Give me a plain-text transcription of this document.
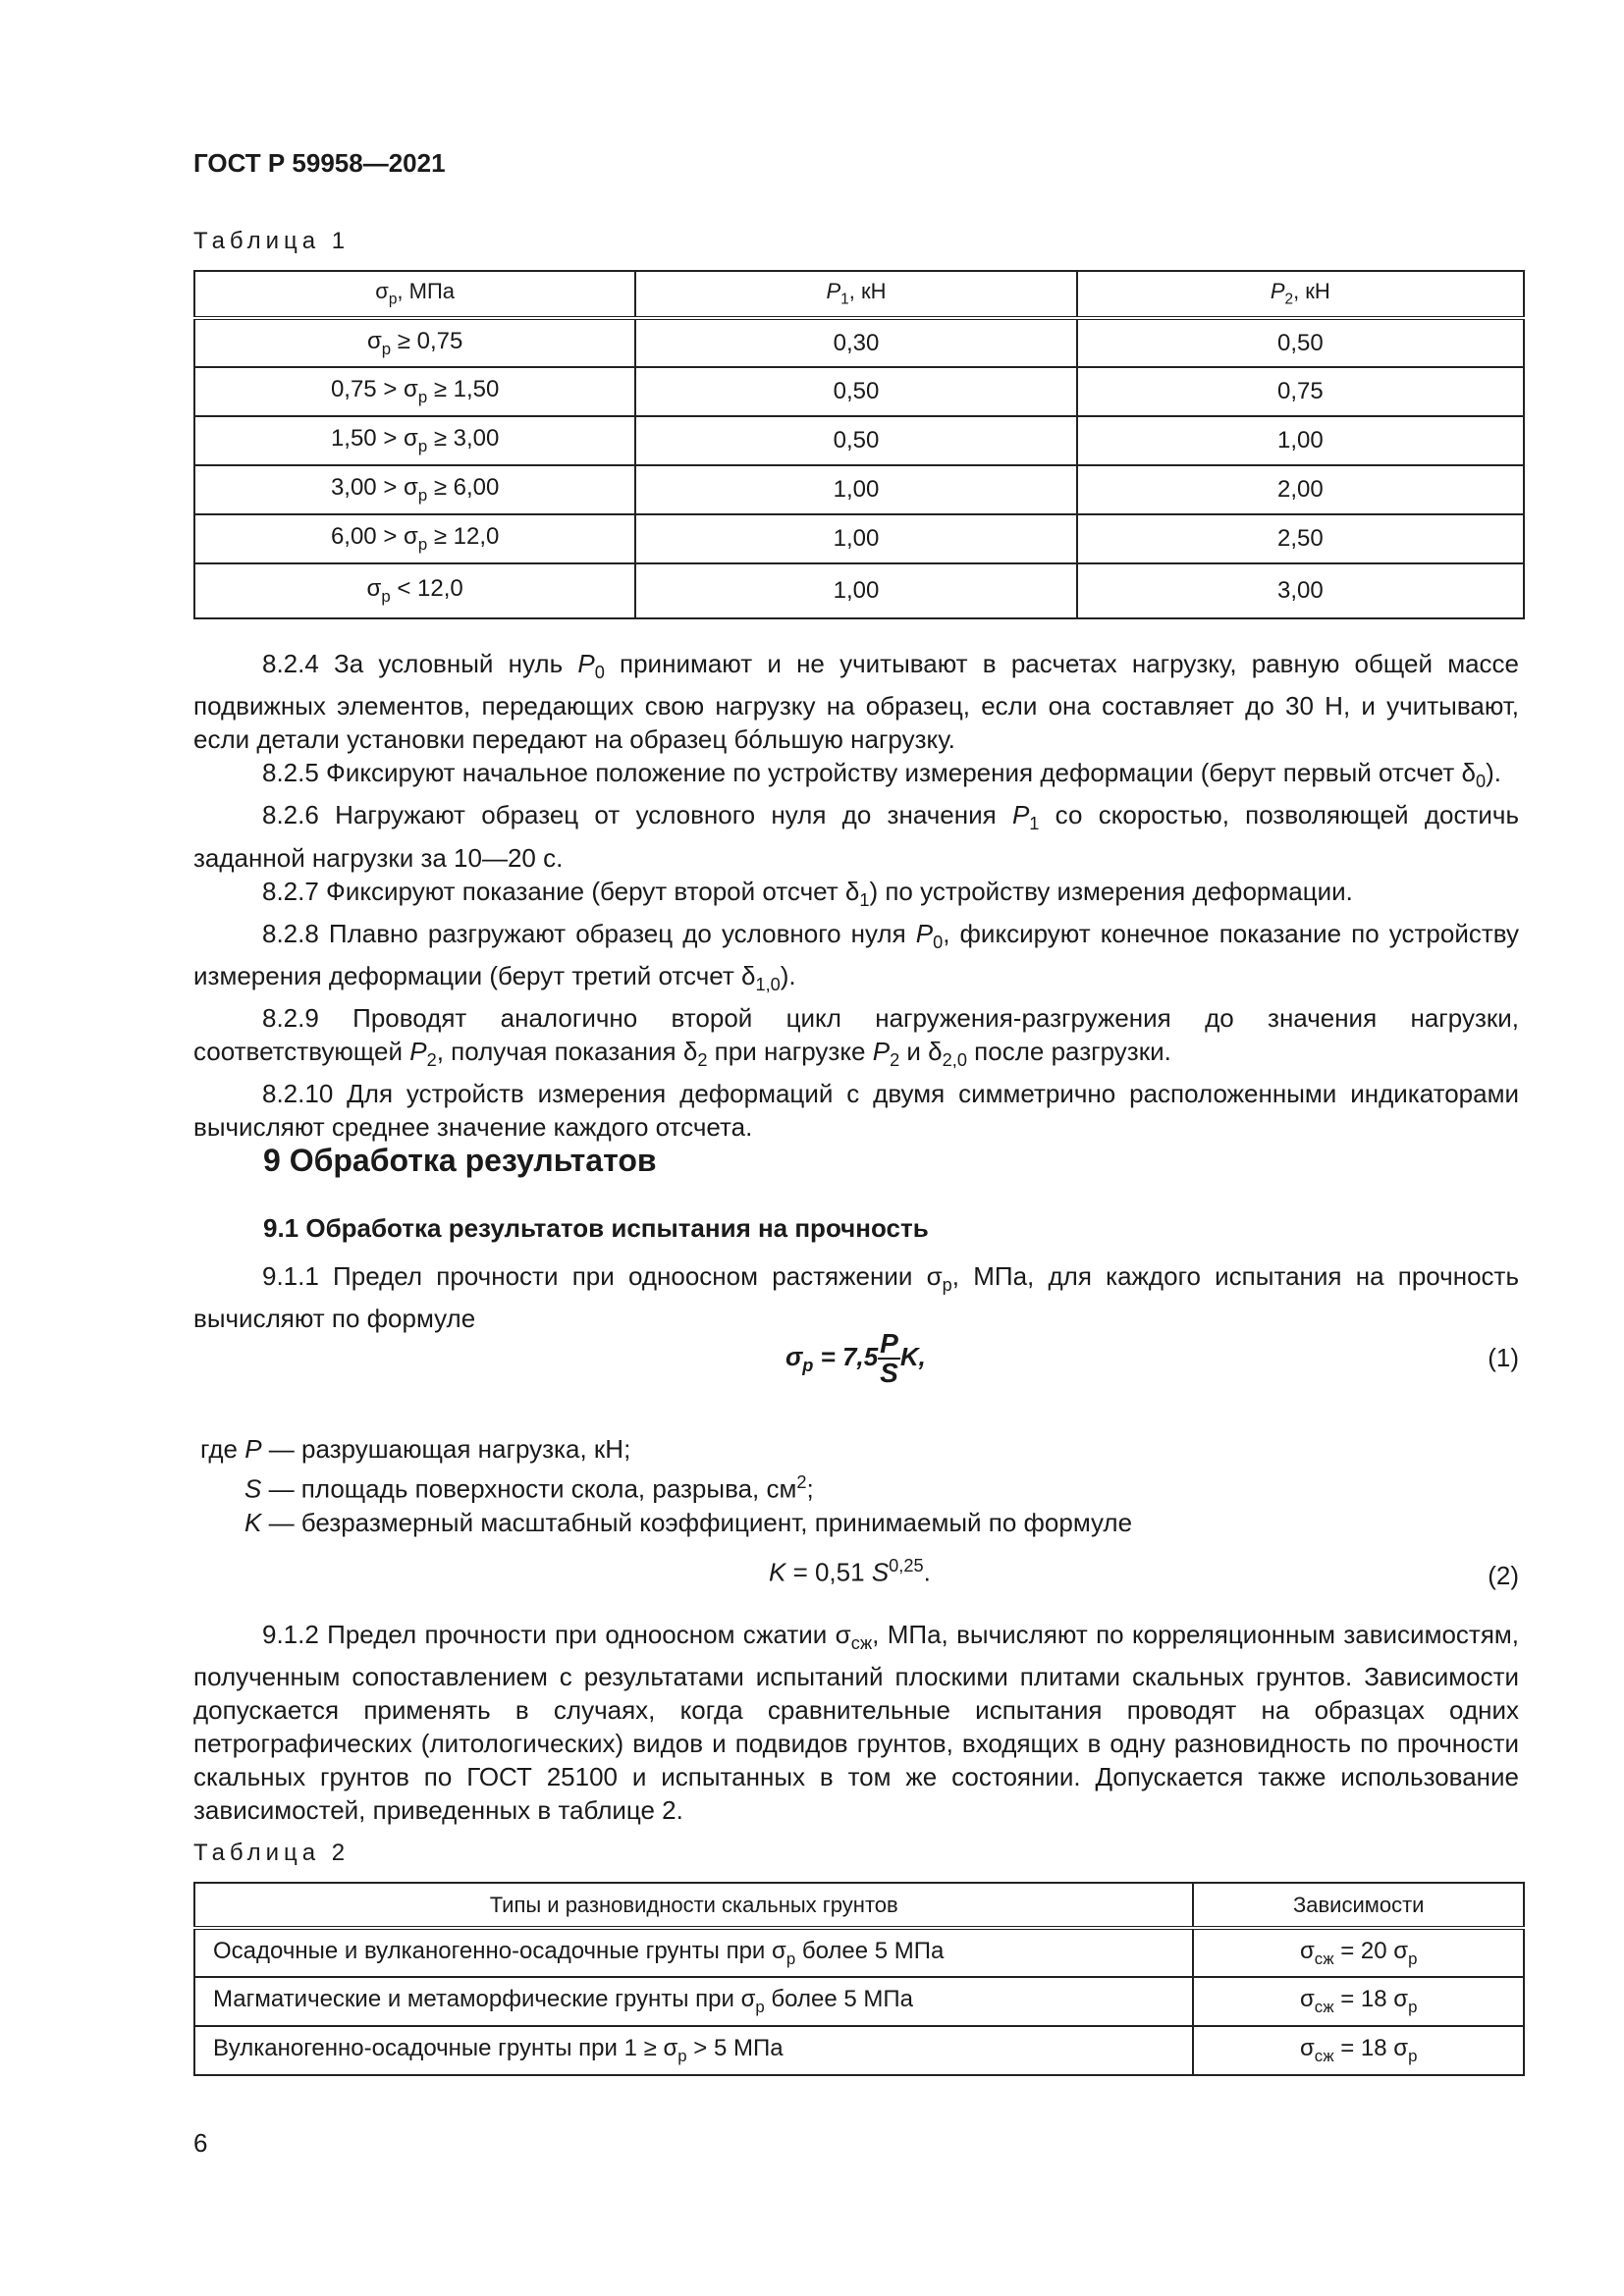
ГОСТ Р 59958—2021
Таблица 1
$\sigma_р$, МПа	$P_1$, кН	$P_2$, кН
$\sigma_р \ge 0,75$	0,30	0,50
$0,75 > \sigma_р \ge 1,50$	0,50	0,75
$1,50 > \sigma_р \ge 3,00$	0,50	1,00
$3,00 > \sigma_р \ge 6,00$	1,00	2,00
$6,00 > \sigma_р \ge 12,0$	1,00	2,50
$\sigma_р < 12,0$	1,00	3,00

8.2.4 За условный нуль $P_0$ принимают и не учитывают в расчетах нагрузку, равную общей массе подвижных элементов, передающих свою нагрузку на образец, если она составляет до 30 Н, и учитывают, если детали установки передают на образец бóльшую нагрузку.

8.2.5 Фиксируют начальное положение по устройству измерения деформации (берут первый отсчет $\delta_0$).

8.2.6 Нагружают образец от условного нуля до значения $P_1$ со скоростью, позволяющей достичь заданной нагрузки за 10—20 с.

8.2.7 Фиксируют показание (берут второй отсчет $\delta_1$) по устройству измерения деформации.

8.2.8 Плавно разгружают образец до условного нуля $P_0$, фиксируют конечное показание по устройству измерения деформации (берут третий отсчет $\delta_{1,0}$).

8.2.9 Проводят аналогично второй цикл нагружения-разгружения до значения нагрузки, соответствующей $P_2$, получая показания $\delta_2$ при нагрузке $P_2$ и $\delta_{2,0}$ после разгрузки.

8.2.10 Для устройств измерения деформаций с двумя симметрично расположенными индикаторами вычисляют среднее значение каждого отсчета.

9 Обработка результатов
9.1 Обработка результатов испытания на прочность

9.1.1 Предел прочности при одноосном растяжении $\sigma_р$, МПа, для каждого испытания на прочность вычисляют по формуле

$\sigma_р = 7,5 \frac{P}{S} K$,	(1)
где P — разрушающая нагрузка, кН;
S — площадь поверхности скола, разрыва, $см^2$;
K — безразмерный масштабный коэффициент, принимаемый по формуле
K = 0,51 S$^{0,25}$.	(2)

9.1.2 Предел прочности при одноосном сжатии $\sigma_{сж}$, МПа, вычисляют по корреляционным зависимостям, полученным сопоставлением с результатами испытаний плоскими плитами скальных грунтов. Зависимости допускается применять в случаях, когда сравнительные испытания проводят на образцах одних петрографических (литологических) видов и подвидов грунтов, входящих в одну разновидность по прочности скальных грунтов по ГОСТ 25100 и испытанных в том же состоянии. Допускается также использование зависимостей, приведенных в таблице 2.

Таблица 2
Типы и разновидности скальных грунтов	Зависимости
Осадочные и вулканогенно-осадочные грунты при $\sigma_р$ более 5 МПа	$\sigma_{сж} = 20$ $\sigma_р$
Магматические и метаморфические грунты при $\sigma_р$ более 5 МПа	$\sigma_{сж} = 18$ $\sigma_р$
Вулканогенно-осадочные грунты при $1 \ge \sigma_р > 5$ МПа	$\sigma_{сж} = 18$ $\sigma_р$
6
